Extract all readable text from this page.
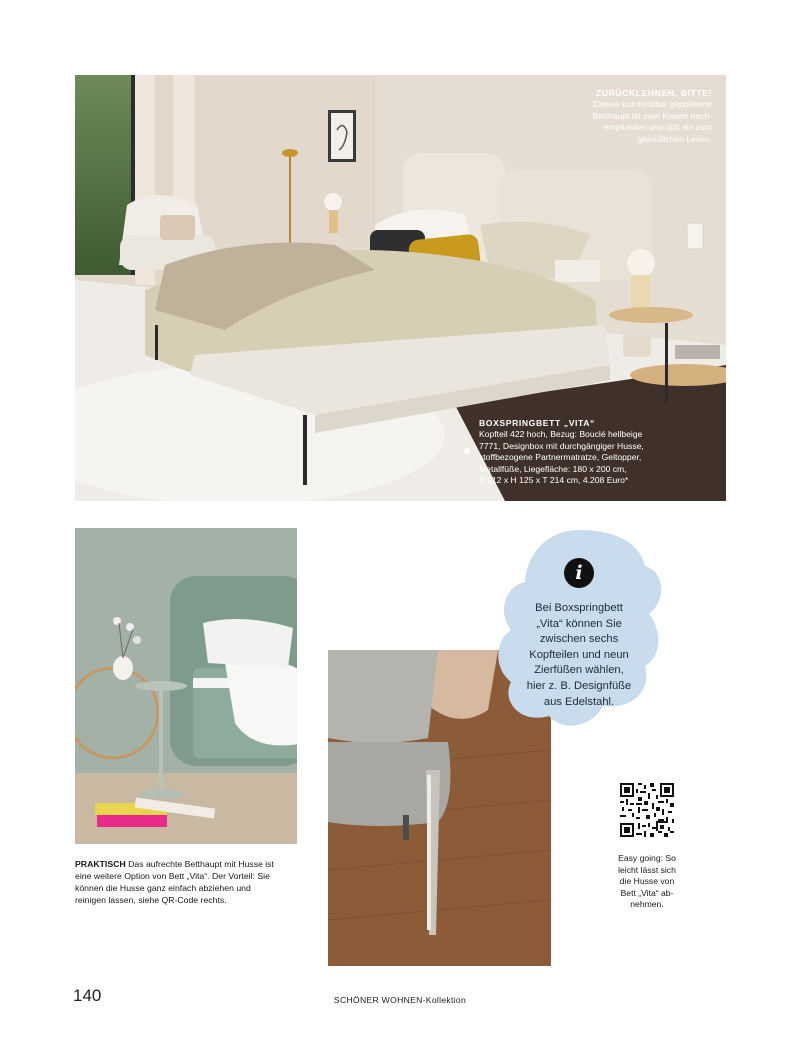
ZURÜCKLEHNEN, BITTE!
Dieses komfortabel gepolsterte
Betthaupt ist zwei Kissen nach-
empfunden und lädt ein zum
gemütlichen Lesen.
BOXSPRINGBETT „VITA“
Kopfteil 422 hoch, Bezug: Bouclé hellbeige
7771, Designbox mit durchgängiger Husse,
stoffbezogene Partnermatratze, Geltopper,
Metallfüße, Liegefläche: 180 x 200 cm,
B 212 x H 125 x T 214 cm, 4.208 Euro*
PRAKTISCH Das aufrechte Betthaupt mit Husse ist eine weitere Option von Bett „Vita“. Der Vorteil: Sie können die Husse ganz einfach abziehen und reinigen lassen, siehe QR-Code rechts.
i
Bei Boxspringbett
„Vita“ können Sie
zwischen sechs
Kopfteilen und neun
Zierfüßen wählen,
hier z. B. Designfüße
aus Edelstahl.
Easy going: So
leicht lässt sich
die Husse von
Bett „Vita“ ab-
nehmen.
140	SCHÖNER WOHNEN-Kollektion
